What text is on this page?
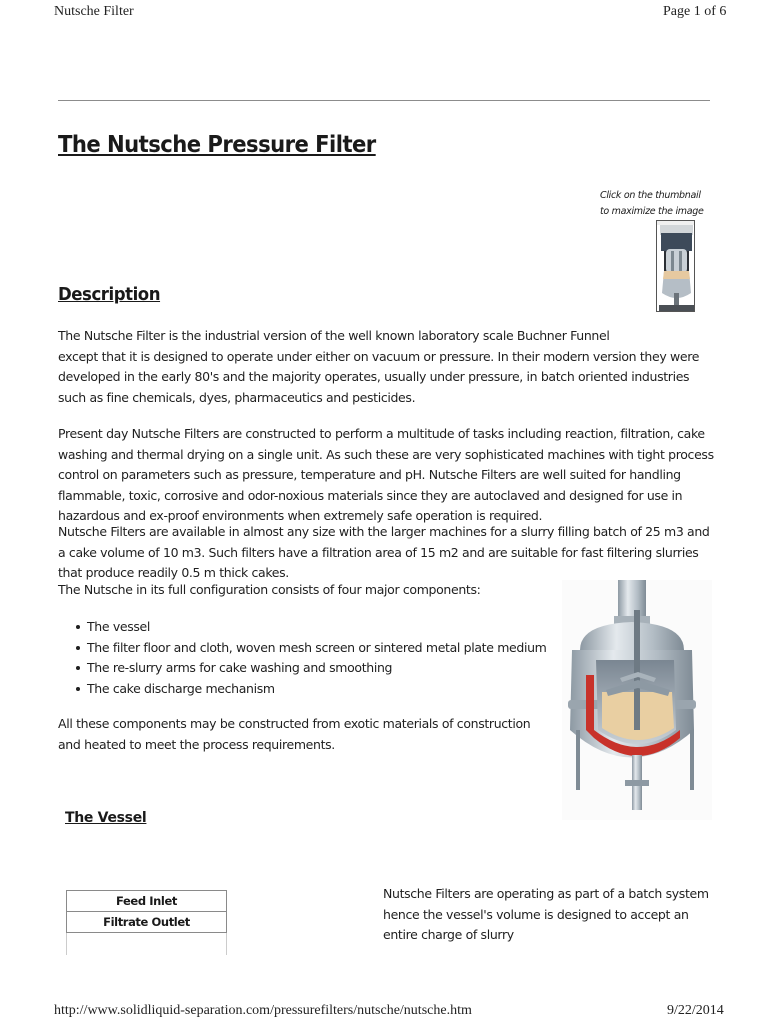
Nutsche Filter	Page 1 of 6
The Nutsche Pressure Filter
Click on the thumbnail
to maximize the image
Description

The Nutsche Filter is the industrial version of the well known laboratory scale Buchner Funnel

except that it is designed to operate under either on vacuum or pressure. In their modern version they were developed in the early 80's and the majority operates, usually under pressure, in batch oriented industries such as fine chemicals, dyes, pharmaceutics and pesticides.

Present day Nutsche Filters are constructed to perform a multitude of tasks including reaction, filtration, cake washing and thermal drying on a single unit. As such these are very sophisticated machines with tight process control on parameters such as pressure, temperature and pH. Nutsche Filters are well suited for handling flammable, toxic, corrosive and odor-noxious materials since they are autoclaved and designed for use in hazardous and ex-proof environments when extremely safe operation is required.

Nutsche Filters are available in almost any size with the larger machines for a slurry filling batch of 25 m3 and a cake volume of 10 m3. Such filters have a filtration area of 15 m2 and are suitable for fast filtering slurries that produce readily 0.5 m thick cakes.

The Nutsche in its full configuration consists of four major components:

The vessel
The filter floor and cloth, woven mesh screen or sintered metal plate medium
The re-slurry arms for cake washing and smoothing
The cake discharge mechanism

All these components may be constructed from exotic materials of construction and heated to meet the process requirements.

The Vessel
Feed Inlet
Filtrate Outlet
Nutsche Filters are operating as part of a batch system hence the vessel's volume is designed to accept an entire charge of slurry
http://www.solidliquid-separation.com/pressurefilters/nutsche/nutsche.htm	9/22/2014
